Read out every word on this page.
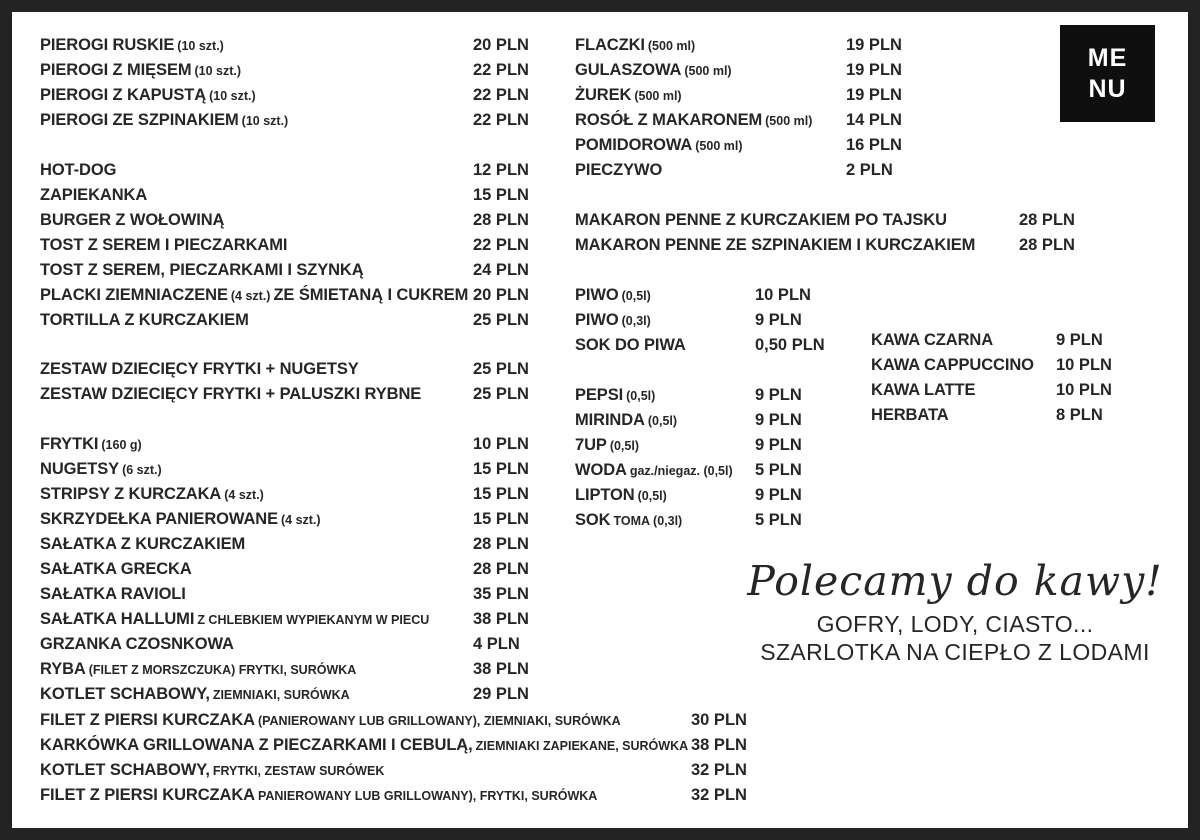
PIEROGI RUSKIE (10 szt.)	20 PLN
PIEROGI Z MIĘSEM (10 szt.)	22 PLN
PIEROGI Z KAPUSTĄ (10 szt.)	22 PLN
PIEROGI ZE SZPINAKIEM (10 szt.)	22 PLN
HOT-DOG	12 PLN
ZAPIEKANKA	15 PLN
BURGER Z WOŁOWINĄ	28 PLN
TOST Z SEREM I PIECZARKAMI	22 PLN
TOST Z SEREM, PIECZARKAMI I SZYNKĄ	24 PLN
PLACKI ZIEMNIACZENE (4 szt.) ZE ŚMIETANĄ I CUKREM 20 PLN
TORTILLA Z KURCZAKIEM	25 PLN
ZESTAW DZIECIĘCY FRYTKI + NUGETSY	25 PLN
ZESTAW DZIECIĘCY FRYTKI + PALUSZKI RYBNE	25 PLN
FRYTKI (160 g)	10 PLN
NUGETSY (6 szt.)	15 PLN
STRIPSY Z KURCZAKA (4 szt.)	15 PLN
SKRZYDEŁKA PANIEROWANE (4 szt.)	15 PLN
SAŁATKA Z KURCZAKIEM	28 PLN
SAŁATKA GRECKA	28 PLN
SAŁATKA RAVIOLI	35 PLN
SAŁATKA HALLUMI Z CHLEBKIEM WYPIEKANYM W PIECU	38 PLN
GRZANKA CZOSNKOWA	4 PLN
RYBA (FILET Z MORSZCZUKA) FRYTKI, SURÓWKA	38 PLN
KOTLET SCHABOWY, ZIEMNIAKI, SURÓWKA	29 PLN
FILET Z PIERSI KURCZAKA (PANIEROWANY LUB GRILLOWANY), ZIEMNIAKI, SURÓWKA	30 PLN
KARKÓWKA GRILLOWANA Z PIECZARKAMI I CEBULĄ, ZIEMNIAKI ZAPIEKANE, SURÓWKA 38 PLN
KOTLET SCHABOWY, FRYTKI, ZESTAW SURÓWEK	32 PLN
FILET Z PIERSI KURCZAKA PANIEROWANY LUB GRILLOWANY), FRYTKI, SURÓWKA	32 PLN
FLACZKI (500 ml)	19 PLN
GULASZOWA (500 ml)	19 PLN
ŻUREK (500 ml)	19 PLN
ROSÓŁ Z MAKARONEM (500 ml) 14 PLN
POMIDOROWA (500 ml)	16 PLN
PIECZYWO	2 PLN
MAKARON PENNE Z KURCZAKIEM PO TAJSKU	28 PLN
MAKARON PENNE ZE SZPINAKIEM I KURCZAKIEM	28 PLN
PIWO (0,5l)	10 PLN
PIWO (0,3l)	9 PLN
SOK DO PIWA	0,50 PLN
PEPSI (0,5l)	9 PLN
MIRINDA (0,5l)	9 PLN
7UP (0,5l)	9 PLN
WODA gaz./niegaz. (0,5l) 5 PLN
LIPTON (0,5l)	9 PLN
SOK TOMA (0,3l)	5 PLN
KAWA CZARNA	9 PLN
KAWA CAPPUCCINO 10 PLN
KAWA LATTE	10 PLN
HERBATA	8 PLN
ME
NU
Polecamy do kawy!
GOFRY, LODY, CIASTO...
SZARLOTKA NA CIEPŁO Z LODAMI
